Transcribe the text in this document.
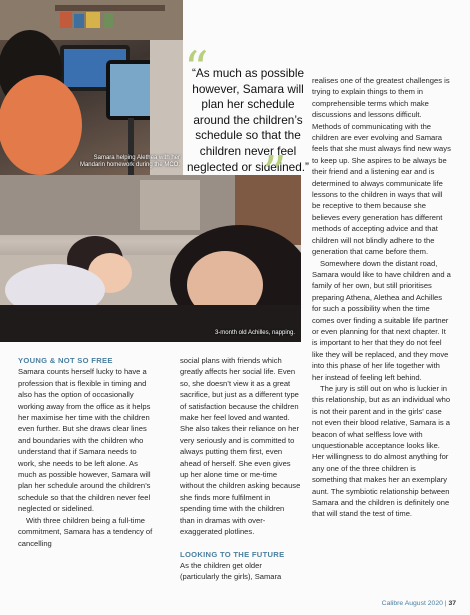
Samara helping Alethea with her Mandarin homework during the MCO.
3-month old Achilles, napping.
“
“As much as possible however, Samara will plan her schedule around the children’s schedule so that the children never feel neglected or sidelined.”
”

realises one of the greatest challenges is trying to explain things to them in comprehensible terms which make discussions and lessons difficult. Methods of communicating with the children are ever evolving and Samara feels that she must always find new ways to keep up. She aspires to be always be their friend and a listening ear and is determined to always communicate life lessons to the children in ways that will be receptive to them because she believes every generation has different methods of accepting advice and that children will not blindly adhere to the generation that came before them.

Somewhere down the distant road, Samara would like to have children and a family of her own, but still prioritises preparing Athena, Alethea and Achilles for such a possibility when the time comes over finding a suitable life partner or even planning for that next chapter. It is important to her that they do not feel like they will be replaced, and they move into this phase of her life together with her instead of feeling left behind.

The jury is still out on who is luckier in this relationship, but as an individual who is not their parent and in the girls’ case not even their blood relative, Samara is a beacon of what selfless love with unquestionable acceptance looks like. Her willingness to do almost anything for any one of the three children is something that makes her an exemplary aunt. The symbiotic relationship between Samara and the children is definitely one that will stand the test of time.

YOUNG & NOT SO FREE

Samara counts herself lucky to have a profession that is flexible in timing and also has the option of occasionally working away from the office as it helps her maximise her time with the children even further. But she draws clear lines and boundaries with the children who understand that if Samara needs to work, she needs to be left alone. As much as possible however, Samara will plan her schedule around the children’s schedule so that the children never feel neglected or sidelined.

With three children being a full-time commitment, Samara has a tendency of cancelling

social plans with friends which greatly affects her social life. Even so, she doesn’t view it as a great sacrifice, but just as a different type of satisfaction because the children make her feel loved and wanted. She also takes their reliance on her very seriously and is committed to always putting them first, even ahead of herself. She even gives up her alone time or me-time without the children asking because she finds more fulfilment in spending time with the children than in dramas with over-exaggerated plotlines.

LOOKING TO THE FUTURE

As the children get older (particularly the girls), Samara

Calibre August 2020 | 37
